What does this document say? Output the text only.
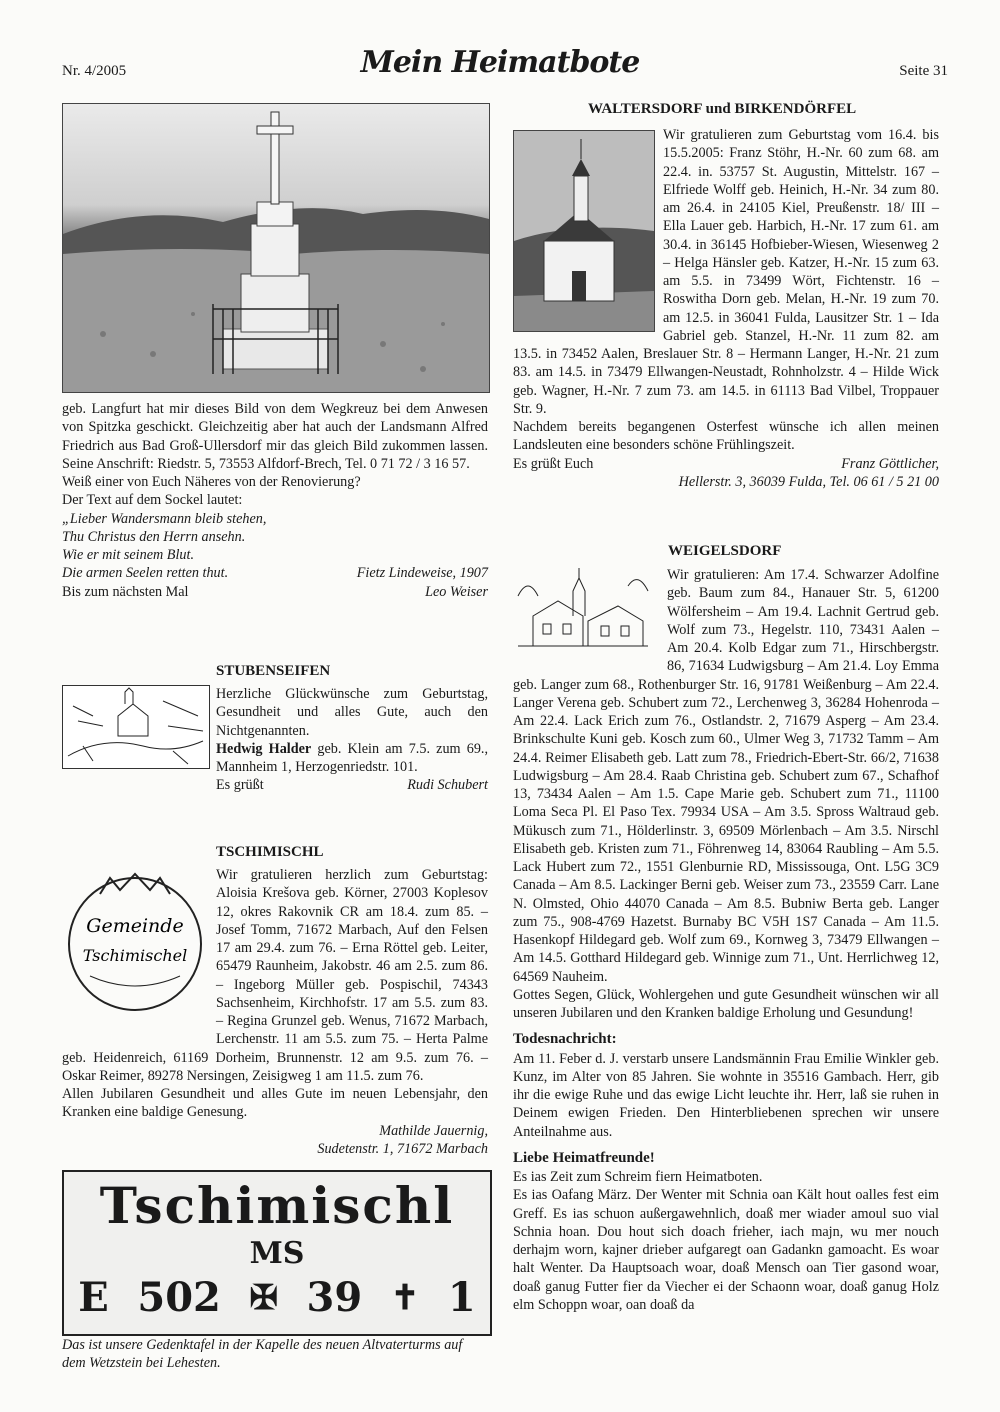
Nr. 4/2005	Mein Heimatbote	Seite 31

geb. Langfurt hat mir dieses Bild von dem Wegkreuz bei dem Anwesen von Spitzka geschickt. Gleichzeitig aber hat auch der Landsmann Alfred Friedrich aus Bad Groß-Ullersdorf mir das gleich Bild zukommen lassen. Seine Anschrift: Riedstr. 5, 73553 Alfdorf-Brech, Tel. 0 71 72 / 3 16 57.

Weiß einer von Euch Näheres von der Renovierung?

Der Text auf dem Sockel lautet:

„Lieber Wandersmann bleib stehen,

Thu Christus den Herrn ansehn.

Wie er mit seinem Blut.

Die armen Seelen retten thut.	Fietz Lindeweise, 1907
Bis zum nächsten Mal	Leo Weiser
STUBENSEIFEN

Herzliche Glückwünsche zum Geburtstag, Gesundheit und alles Gute, auch den Nichtgenannten.

Hedwig Halder geb. Klein am 7.5. zum 69., Mannheim 1, Herzogenriedstr. 101.

Es grüßt	Rudi Schubert
TSCHIMISCHL
Gemeinde
Tschimischel

Wir gratulieren herzlich zum Geburtstag: Aloisia Krešova geb. Körner, 27003 Koplesov 12, okres Rakovnik CR am 18.4. zum 85. – Josef Tomm, 71672 Marbach, Auf den Felsen 17 am 29.4. zum 76. – Erna Röttel geb. Leiter, 65479 Raunheim, Jakobstr. 46 am 2.5. zum 86. – Ingeborg Müller geb. Pospischil, 74343 Sachsenheim, Kirchhofstr. 17 am 5.5. zum 83. – Regina Grunzel geb. Wenus, 71672 Marbach, Lerchenstr. 11 am 5.5. zum 75. – Herta Palme geb. Heidenreich, 61169 Dorheim, Brunnenstr. 12 am 9.5. zum 76. – Oskar Reimer, 89278 Nersingen, Zeisigweg 1 am 11.5. zum 76.

Allen Jubilaren Gesundheit und alles Gute im neuen Lebensjahr, den Kranken eine baldige Genesung.

Mathilde Jauernig,

Sudetenstr. 1, 71672 Marbach

Tschimischl
MS
E 502 ✠ 39 ✝ 1
Das ist unsere Gedenktafel in der Kapelle des neuen Altvaterturms auf dem Wetzstein bei Lehesten.
WALTERSDORF und BIRKENDÖRFEL

Wir gratulieren zum Geburtstag vom 16.4. bis 15.5.2005: Franz Stöhr, H.-Nr. 60 zum 68. am 22.4. in. 53757 St. Augustin, Mittelstr. 167 – Elfriede Wolff geb. Heinich, H.-Nr. 34 zum 80. am 26.4. in 24105 Kiel, Preußenstr. 18/ III – Ella Lauer geb. Harbich, H.-Nr. 17 zum 61. am 30.4. in 36145 Hofbieber-Wiesen, Wiesenweg 2 – Helga Hänsler geb. Katzer, H.-Nr. 15 zum 63. am 5.5. in 73499 Wört, Fichtenstr. 16 – Roswitha Dorn geb. Melan, H.-Nr. 19 zum 70. am 12.5. in 36041 Fulda, Lausitzer Str. 1 – Ida Gabriel geb. Stanzel, H.-Nr. 11 zum 82. am 13.5. in 73452 Aalen, Breslauer Str. 8 – Hermann Langer, H.-Nr. 21 zum 83. am 14.5. in 73479 Ellwangen-Neustadt, Rohnholzstr. 4 – Hilde Wick geb. Wagner, H.-Nr. 7 zum 73. am 14.5. in 61113 Bad Vilbel, Troppauer Str. 9.

Nachdem bereits begangenen Osterfest wünsche ich allen meinen Landsleuten eine besonders schöne Frühlingszeit.

Es grüßt Euch	Franz Göttlicher,

Hellerstr. 3, 36039 Fulda, Tel. 06 61 / 5 21 00

WEIGELSDORF

Wir gratulieren: Am 17.4. Schwarzer Adolfine geb. Baum zum 84., Hanauer Str. 5, 61200 Wölfersheim – Am 19.4. Lachnit Gertrud geb. Wolf zum 73., Hegelstr. 110, 73431 Aalen – Am 20.4. Kolb Edgar zum 71., Hirschbergstr. 86, 71634 Ludwigsburg – Am 21.4. Loy Emma geb. Langer zum 68., Rothenburger Str. 16, 91781 Weißenburg – Am 22.4. Langer Verena geb. Schubert zum 72., Lerchenweg 3, 36284 Hohenroda – Am 22.4. Lack Erich zum 76., Ostlandstr. 2, 71679 Asperg – Am 23.4. Brinkschulte Kuni geb. Kosch zum 60., Ulmer Weg 3, 71732 Tamm – Am 24.4. Reimer Elisabeth geb. Latt zum 78., Friedrich-Ebert-Str. 66/2, 71638 Ludwigsburg – Am 28.4. Raab Christina geb. Schubert zum 67., Schafhof 13, 73434 Aalen – Am 1.5. Cape Marie geb. Schubert zum 71., 11100 Loma Seca Pl. El Paso Tex. 79934 USA – Am 3.5. Spross Waltraud geb. Mükusch zum 71., Hölderlinstr. 3, 69509 Mörlenbach – Am 3.5. Nirschl Elisabeth geb. Kristen zum 71., Föhrenweg 14, 83064 Raubling – Am 5.5. Lack Hubert zum 72., 1551 Glenburnie RD, Mississouga, Ont. L5G 3C9 Canada – Am 8.5. Lackinger Berni geb. Weiser zum 73., 23559 Carr. Lane N. Olmsted, Ohio 44070 Canada – Am 8.5. Bubniw Berta geb. Langer zum 75., 908-4769 Hazetst. Burnaby BC V5H 1S7 Canada – Am 11.5. Hasenkopf Hildegard geb. Wolf zum 69., Kornweg 3, 73479 Ellwangen – Am 14.5. Gotthard Hildegard geb. Winnige zum 71., Unt. Herrlichweg 12, 64569 Nauheim.

Gottes Segen, Glück, Wohlergehen und gute Gesundheit wünschen wir all unseren Jubilaren und den Kranken baldige Erholung und Gesundung!

Todesnachricht:

Am 11. Feber d. J. verstarb unsere Landsmännin Frau Emilie Winkler geb. Kunz, im Alter von 85 Jahren. Sie wohnte in 35516 Gambach. Herr, gib ihr die ewige Ruhe und das ewige Licht leuchte ihr. Herr, laß sie ruhen in Deinem ewigen Frieden. Den Hinterbliebenen sprechen wir unsere Anteilnahme aus.

Liebe Heimatfreunde!

Es ias Zeit zum Schreim fiern Heimatboten.

Es ias Oafang März. Der Wenter mit Schnia oan Kält hout oalles fest eim Greff. Es ias schuon außergawehnlich, doaß mer wiader amoul suo vial Schnia hoan. Dou hout sich doach frieher, iach majn, wu mer nouch derhajm worn, kajner drieber aufgaregt oan Gadankn gamoacht. Es woar halt Wenter. Da Hauptsoach woar, doaß Mensch oan Tier gasond woar, doaß ganug Futter fier da Viecher ei der Schaonn woar, doaß ganug Holz elm Schoppn woar, oan doaß da
